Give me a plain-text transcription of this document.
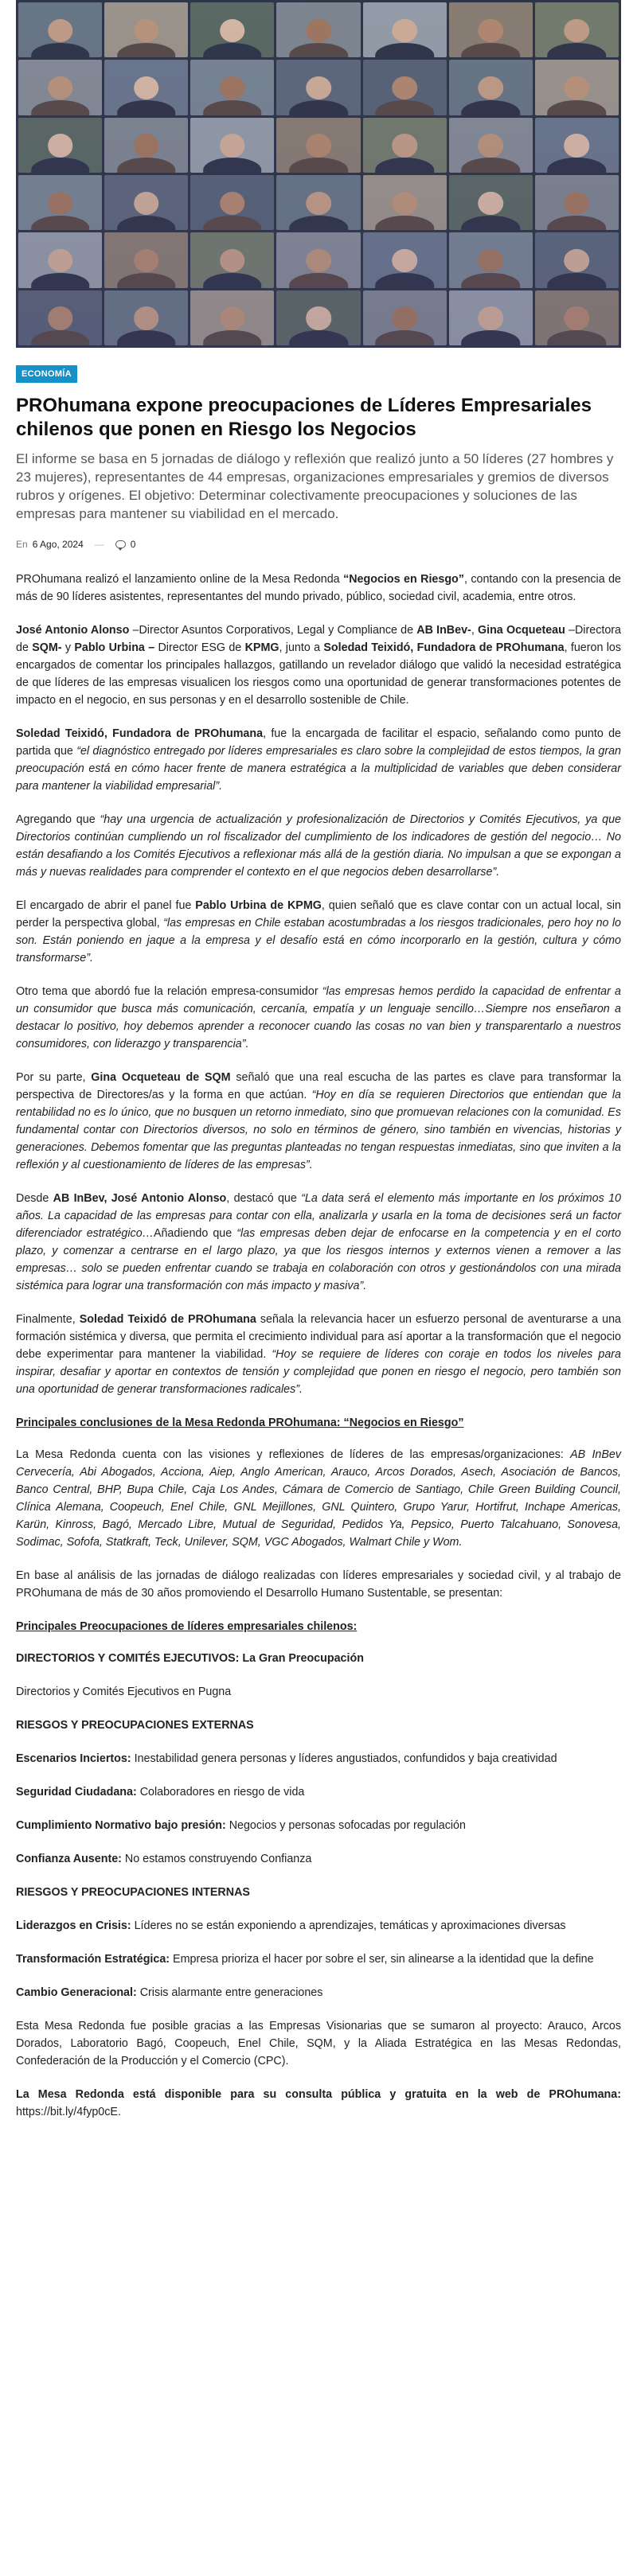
ECONOMÍA
PROhumana expone preocupaciones de Líderes Empresariales chilenos que ponen en Riesgo los Negocios

El informe se basa en 5 jornadas de diálogo y reflexión que realizó junto a 50 líderes (27 hombres y 23 mujeres), representantes de 44 empresas, organizaciones empresariales y gremios de diversos rubros y orígenes. El objetivo: Determinar colectivamente preocupaciones y soluciones de las empresas para mantener su viabilidad en el mercado.

En 6 Ago, 2024 —	0

PROhumana realizó el lanzamiento online de la Mesa Redonda “Negocios en Riesgo”, contando con la presencia de más de 90 líderes asistentes, representantes del mundo privado, público, sociedad civil, academia, entre otros.

José Antonio Alonso –Director Asuntos Corporativos, Legal y Compliance de AB InBev-, Gina Ocqueteau –Directora de SQM- y Pablo Urbina – Director ESG de KPMG, junto a Soledad Teixidó, Fundadora de PROhumana, fueron los encargados de comentar los principales hallazgos, gatillando un revelador diálogo que validó la necesidad estratégica de que líderes de las empresas visualicen los riesgos como una oportunidad de generar transformaciones potentes de impacto en el negocio, en sus personas y en el desarrollo sostenible de Chile.

Soledad Teixidó, Fundadora de PROhumana, fue la encargada de facilitar el espacio, señalando como punto de partida que “el diagnóstico entregado por líderes empresariales es claro sobre la complejidad de estos tiempos, la gran preocupación está en cómo hacer frente de manera estratégica a la multiplicidad de variables que deben considerar para mantener la viabilidad empresarial”.

Agregando que “hay una urgencia de actualización y profesionalización de Directorios y Comités Ejecutivos, ya que Directorios continúan cumpliendo un rol fiscalizador del cumplimiento de los indicadores de gestión del negocio… No están desafiando a los Comités Ejecutivos a reflexionar más allá de la gestión diaria. No impulsan a que se expongan a más y nuevas realidades para comprender el contexto en el que negocios deben desarrollarse”.

El encargado de abrir el panel fue Pablo Urbina de KPMG, quien señaló que es clave contar con un actual local, sin perder la perspectiva global, “las empresas en Chile estaban acostumbradas a los riesgos tradicionales, pero hoy no lo son. Están poniendo en jaque a la empresa y el desafío está en cómo incorporarlo en la gestión, cultura y cómo transformarse”.

Otro tema que abordó fue la relación empresa-consumidor “las empresas hemos perdido la capacidad de enfrentar a un consumidor que busca más comunicación, cercanía, empatía y un lenguaje sencillo…Siempre nos enseñaron a destacar lo positivo, hoy debemos aprender a reconocer cuando las cosas no van bien y transparentarlo a nuestros consumidores, con liderazgo y transparencia”.

Por su parte, Gina Ocqueteau de SQM señaló que una real escucha de las partes es clave para transformar la perspectiva de Directores/as y la forma en que actúan. “Hoy en día se requieren Directorios que entiendan que la rentabilidad no es lo único, que no busquen un retorno inmediato, sino que promuevan relaciones con la comunidad. Es fundamental contar con Directorios diversos, no solo en términos de género, sino también en vivencias, historias y generaciones. Debemos fomentar que las preguntas planteadas no tengan respuestas inmediatas, sino que inviten a la reflexión y al cuestionamiento de líderes de las empresas”.

Desde AB InBev, José Antonio Alonso, destacó que “La data será el elemento más importante en los próximos 10 años. La capacidad de las empresas para contar con ella, analizarla y usarla en la toma de decisiones será un factor diferenciador estratégico…Añadiendo que “las empresas deben dejar de enfocarse en la competencia y en el corto plazo, y comenzar a centrarse en el largo plazo, ya que los riesgos internos y externos vienen a remover a las empresas… solo se pueden enfrentar cuando se trabaja en colaboración con otros y gestionándolos con una mirada sistémica para lograr una transformación con más impacto y masiva”.

Finalmente, Soledad Teixidó de PROhumana señala la relevancia hacer un esfuerzo personal de aventurarse a una formación sistémica y diversa, que permita el crecimiento individual para así aportar a la transformación que el negocio debe experimentar para mantener la viabilidad. “Hoy se requiere de líderes con coraje en todos los niveles para inspirar, desafiar y aportar en contextos de tensión y complejidad que ponen en riesgo el negocio, pero también son una oportunidad de generar transformaciones radicales”.

Principales conclusiones de la Mesa Redonda PROhumana: “Negocios en Riesgo”

La Mesa Redonda cuenta con las visiones y reflexiones de líderes de las empresas/organizaciones: AB InBev Cervecería, Abi Abogados, Acciona, Aiep, Anglo American, Arauco, Arcos Dorados, Asech, Asociación de Bancos, Banco Central, BHP, Bupa Chile, Caja Los Andes, Cámara de Comercio de Santiago, Chile Green Building Council, Clínica Alemana, Coopeuch, Enel Chile, GNL Mejillones, GNL Quintero, Grupo Yarur, Hortifrut, Inchape Americas, Karün, Kinross, Bagó, Mercado Libre, Mutual de Seguridad, Pedidos Ya, Pepsico, Puerto Talcahuano, Sonovesa, Sodimac, Sofofa, Statkraft, Teck, Unilever, SQM, VGC Abogados, Walmart Chile y Wom.

En base al análisis de las jornadas de diálogo realizadas con líderes empresariales y sociedad civil, y al trabajo de PROhumana de más de 30 años promoviendo el Desarrollo Humano Sustentable, se presentan:

Principales Preocupaciones de líderes empresariales chilenos:

DIRECTORIOS Y COMITÉS EJECUTIVOS: La Gran Preocupación

Directorios y Comités Ejecutivos en Pugna

RIESGOS Y PREOCUPACIONES EXTERNAS

Escenarios Inciertos: Inestabilidad genera personas y líderes angustiados, confundidos y baja creatividad

Seguridad Ciudadana: Colaboradores en riesgo de vida

Cumplimiento Normativo bajo presión: Negocios y personas sofocadas por regulación

Confianza Ausente: No estamos construyendo Confianza

RIESGOS Y PREOCUPACIONES INTERNAS

Liderazgos en Crisis: Líderes no se están exponiendo a aprendizajes, temáticas y aproximaciones diversas

Transformación Estratégica: Empresa prioriza el hacer por sobre el ser, sin alinearse a la identidad que la define

Cambio Generacional: Crisis alarmante entre generaciones

Esta Mesa Redonda fue posible gracias a las Empresas Visionarias que se sumaron al proyecto: Arauco, Arcos Dorados, Laboratorio Bagó, Coopeuch, Enel Chile, SQM, y la Aliada Estratégica en las Mesas Redondas, Confederación de la Producción y el Comercio (CPC).

La Mesa Redonda está disponible para su consulta pública y gratuita en la web de PROhumana: https://bit.ly/4fyp0cE.
